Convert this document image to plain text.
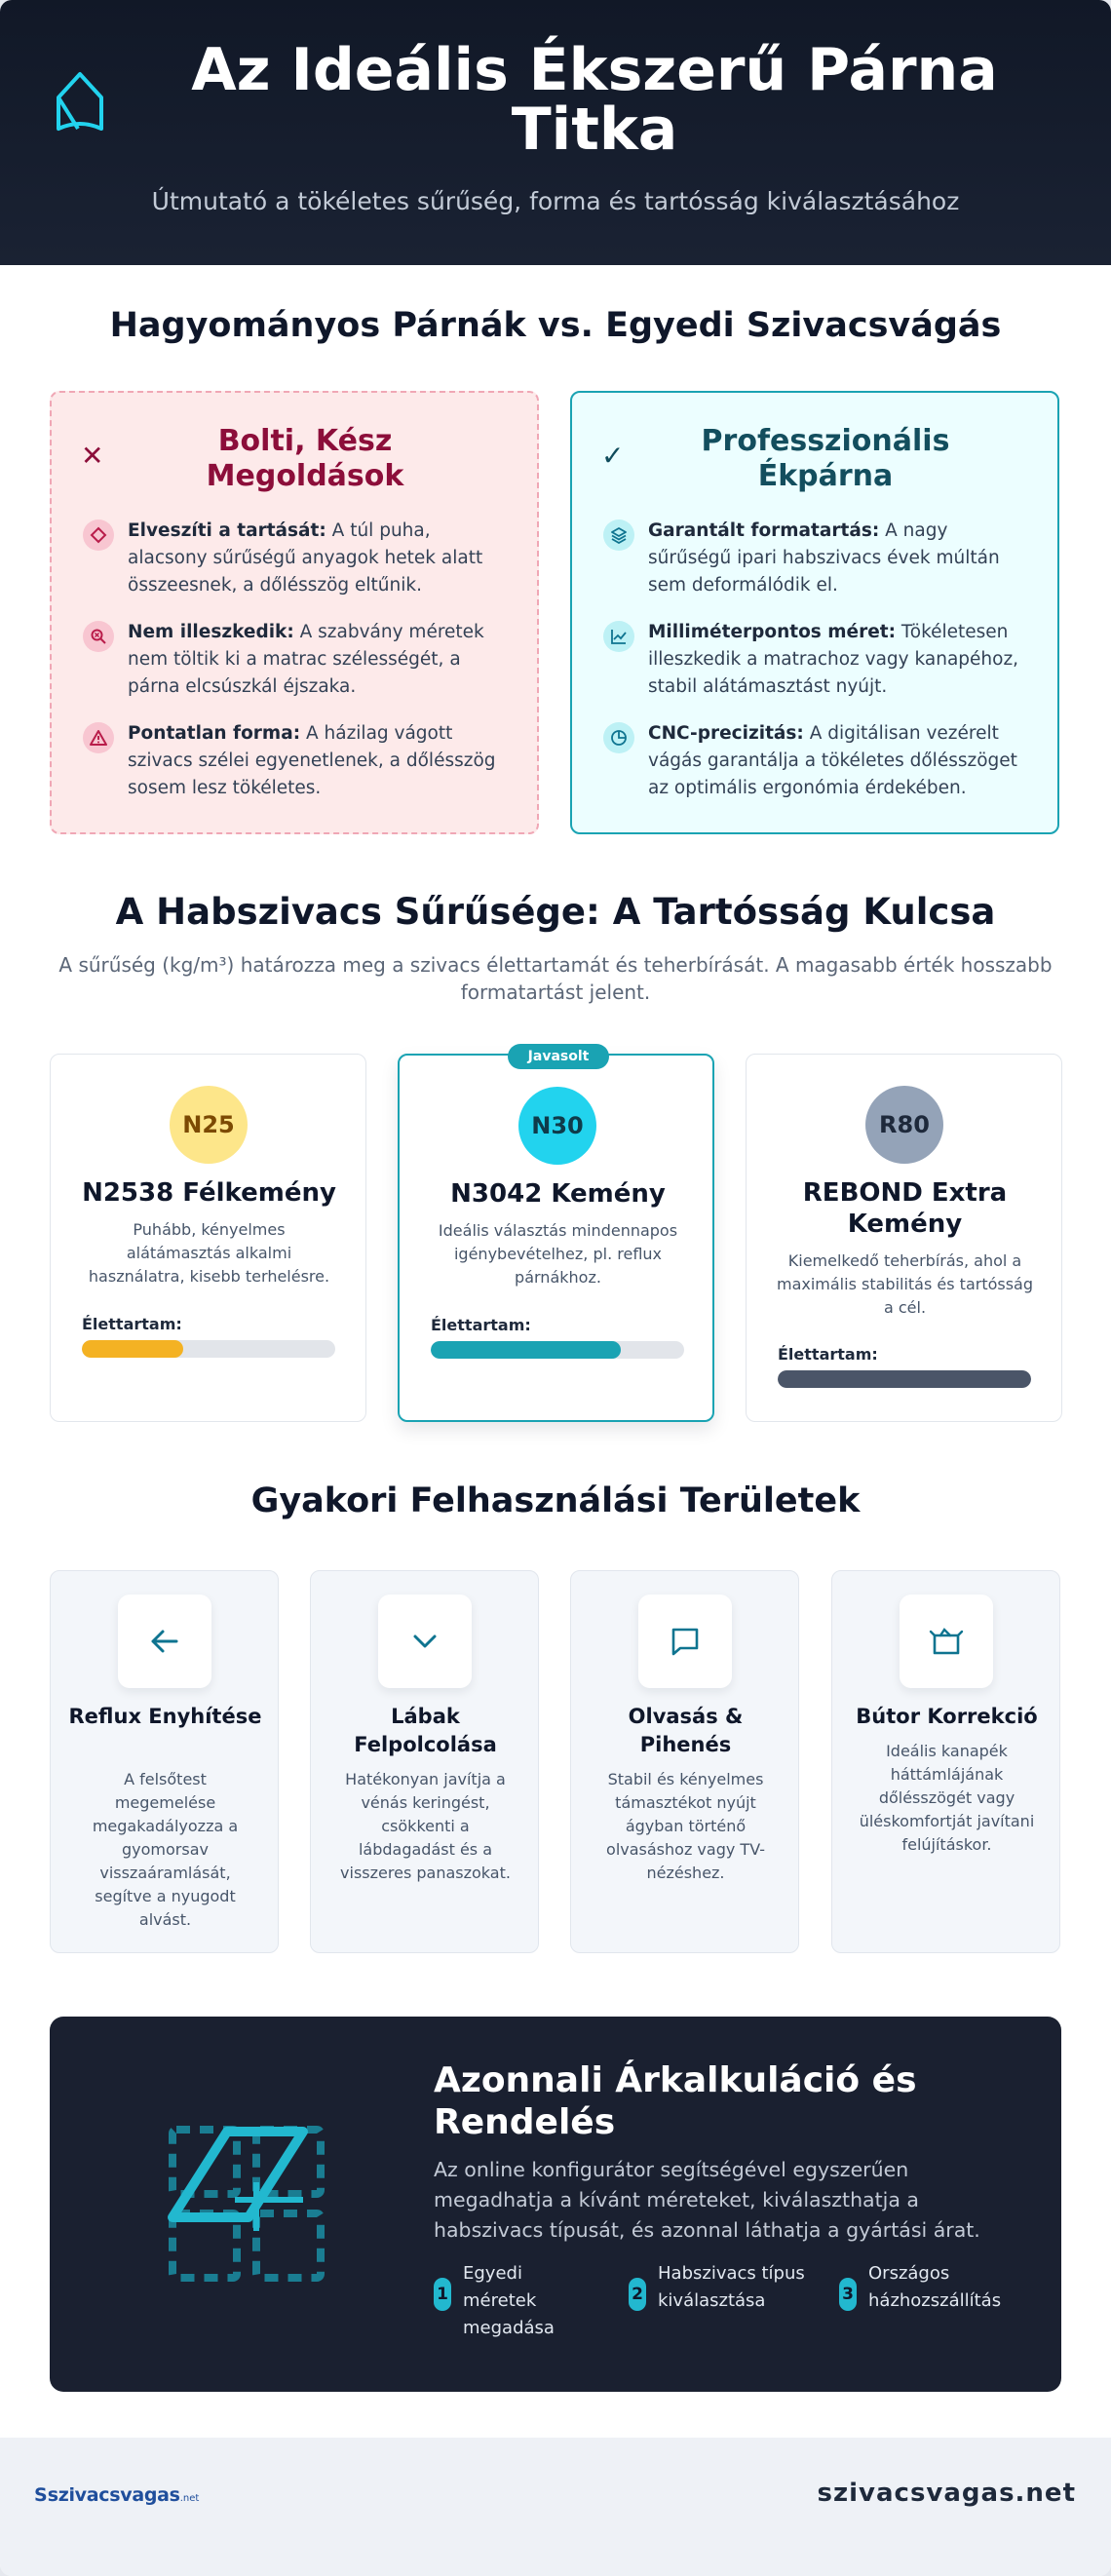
Az Ideális Ékszerű Párna Titka
Útmutató a tökéletes sűrűség, forma és tartósság kiválasztásához
Hagyományos Párnák vs. Egyedi Szivacsvágás
✕	Bolti, Kész Megoldások
Elveszíti a tartását: A túl puha, alacsony sűrűségű anyagok hetek alatt összeesnek, a dőlésszög eltűnik.
Nem illeszkedik: A szabvány méretek nem töltik ki a matrac szélességét, a párna elcsúszkál éjszaka.
Pontatlan forma: A házilag vágott szivacs szélei egyenetlenek, a dőlésszög sosem lesz tökéletes.
✓	Professzionális Ékpárna
Garantált formatartás: A nagy sűrűségű ipari habszivacs évek múltán sem deformálódik el.
Milliméterpontos méret: Tökéletesen illeszkedik a matrachoz vagy kanapéhoz, stabil alátámasztást nyújt.
CNC-precizitás: A digitálisan vezérelt vágás garantálja a tökéletes dőlésszöget az optimális ergonómia érdekében.
A Habszivacs Sűrűsége: A Tartósság Kulcsa
A sűrűség (kg/m³) határozza meg a szivacs élettartamát és teherbírását. A magasabb érték hosszabb formatartást jelent.
N25
N2538 Félkemény
Puhább, kényelmes alátámasztás alkalmi használatra, kisebb terhelésre.
Élettartam:
Javasolt
N30
N3042 Kemény
Ideális választás mindennapos igénybevételhez, pl. reflux párnákhoz.
Élettartam:
R80
REBOND Extra Kemény
Kiemelkedő teherbírás, ahol a maximális stabilitás és tartósság a cél.
Élettartam:
Gyakori Felhasználási Területek
Reflux Enyhítése
A felsőtest megemelése megakadályozza a gyomorsav visszaáramlását, segítve a nyugodt alvást.
Lábak Felpolcolása
Hatékonyan javítja a vénás keringést, csökkenti a lábdagadást és a visszeres panaszokat.
Olvasás & Pihenés
Stabil és kényelmes támasztékot nyújt ágyban történő olvasáshoz vagy TV-nézéshez.
Bútor Korrekció
Ideális kanapék háttámlájának dőlésszögét vagy üléskomfortját javítani felújításkor.
Azonnali Árkalkuláció és Rendelés
Az online konfigurátor segítségével egyszerűen megadhatja a kívánt méreteket, kiválaszthatja a habszivacs típusát, és azonnal láthatja a gyártási árat.
1
Egyedi méretek megadása
2
Habszivacs típus kiválasztása	3
Országos házhozszállítás
S szivacsvagas .net	szivacsvagas.net
